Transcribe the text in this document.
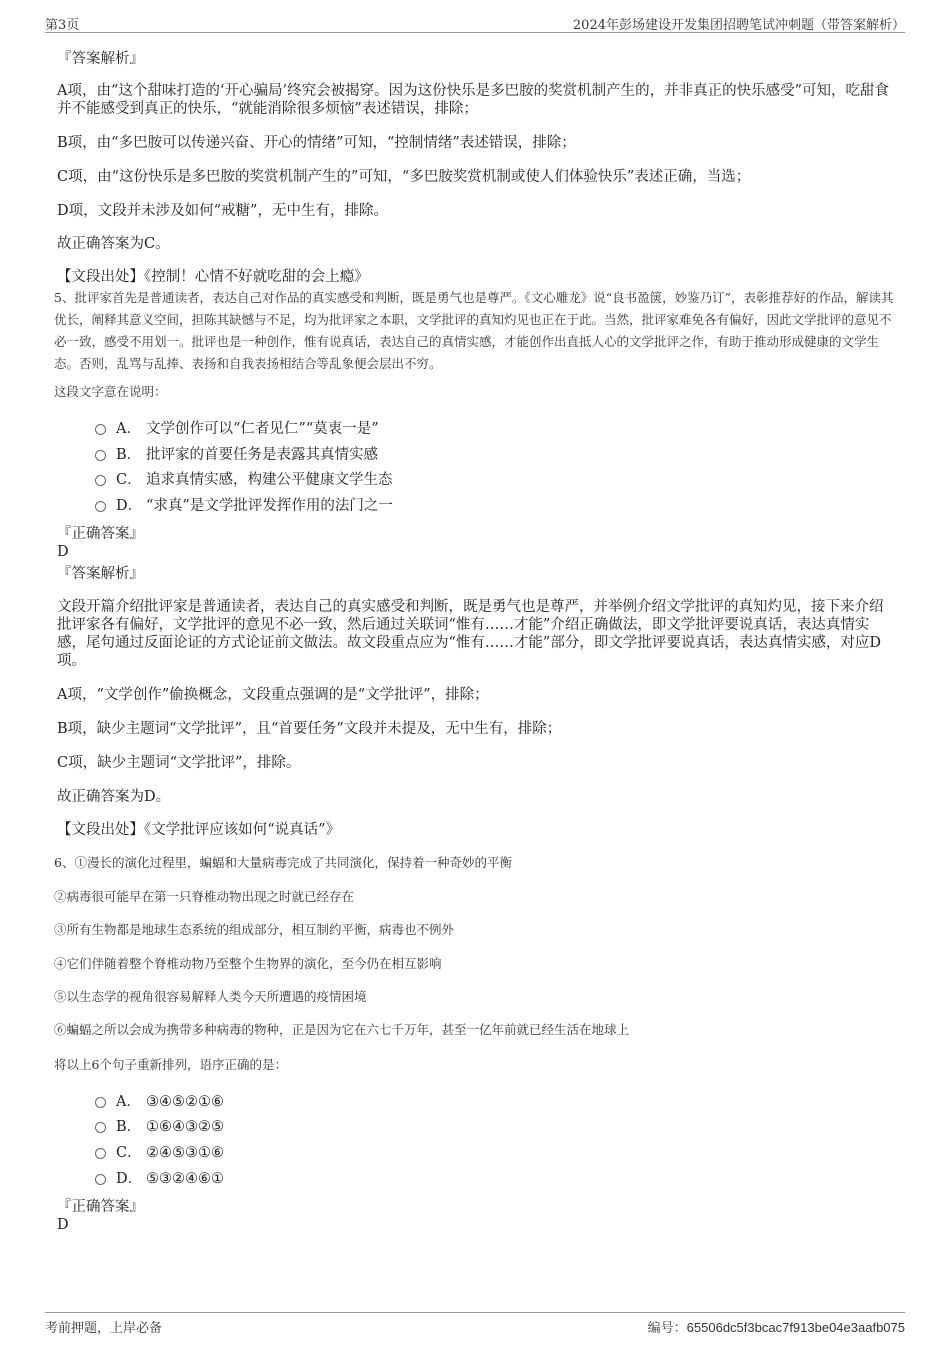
第3页	2024年彭场建设开发集团招聘笔试冲刺题（带答案解析）
『答案解析』
A项，由“这个甜味打造的‘开心骗局’终究会被揭穿。因为这份快乐是多巴胺的奖赏机制产生的，并非真正的快乐感受”可知，吃甜食并不能感受到真正的快乐，“就能消除很多烦恼”表述错误，排除；
B项，由“多巴胺可以传递兴奋、开心的情绪”可知，“控制情绪”表述错误，排除；
C项，由“这份快乐是多巴胺的奖赏机制产生的”可知，“多巴胺奖赏机制或使人们体验快乐”表述正确，当选；
D项，文段并未涉及如何“戒糖”，无中生有，排除。
故正确答案为C。
【文段出处】《控制！心情不好就吃甜的会上瘾》
5、批评家首先是普通读者，表达自己对作品的真实感受和判断，既是勇气也是尊严。《文心雕龙》说“良书盈箧，妙鉴乃订”，表彰推荐好的作品，解读其优长，阐释其意义空间，担陈其缺憾与不足，均为批评家之本职，文学批评的真知灼见也正在于此。当然，批评家难免各有偏好，因此文学批评的意见不必一致，感受不用划一。批评也是一种创作，惟有说真话，表达自己的真情实感，才能创作出直抵人心的文学批评之作，有助于推动形成健康的文学生态。否则，乱骂与乱捧、表扬和自我表扬相结合等乱象便会层出不穷。
这段文字意在说明：
A． 文学创作可以“仁者见仁”“莫衷一是”
B． 批评家的首要任务是表露其真情实感
C． 追求真情实感，构建公平健康文学生态
D． “求真”是文学批评发挥作用的法门之一
『正确答案』
D
『答案解析』
文段开篇介绍批评家是普通读者，表达自己的真实感受和判断，既是勇气也是尊严，并举例介绍文学批评的真知灼见，接下来介绍批评家各有偏好，文学批评的意见不必一致，然后通过关联词“惟有……才能”介绍正确做法，即文学批评要说真话，表达真情实感，尾句通过反面论证的方式论证前文做法。故文段重点应为“惟有……才能”部分，即文学批评要说真话，表达真情实感，对应D项。
A项，“文学创作”偷换概念，文段重点强调的是“文学批评”，排除；
B项，缺少主题词“文学批评”，且“首要任务”文段并未提及，无中生有，排除；
C项，缺少主题词“文学批评”，排除。
故正确答案为D。
【文段出处】《文学批评应该如何“说真话”》
6、①漫长的演化过程里，蝙蝠和大量病毒完成了共同演化，保持着一种奇妙的平衡
②病毒很可能早在第一只脊椎动物出现之时就已经存在
③所有生物都是地球生态系统的组成部分，相互制约平衡，病毒也不例外
④它们伴随着整个脊椎动物乃至整个生物界的演化，至今仍在相互影响
⑤以生态学的视角很容易解释人类今天所遭遇的疫情困境
⑥蝙蝠之所以会成为携带多种病毒的物种，正是因为它在六七千万年，甚至一亿年前就已经生活在地球上
将以上6个句子重新排列，语序正确的是：
A． ③④⑤②①⑥
B． ①⑥④③②⑤
C． ②④⑤③①⑥
D． ⑤③②④⑥①
『正确答案』
D
考前押题，上岸必备	编号：65506dc5f3bcac7f913be04e3aafb075
